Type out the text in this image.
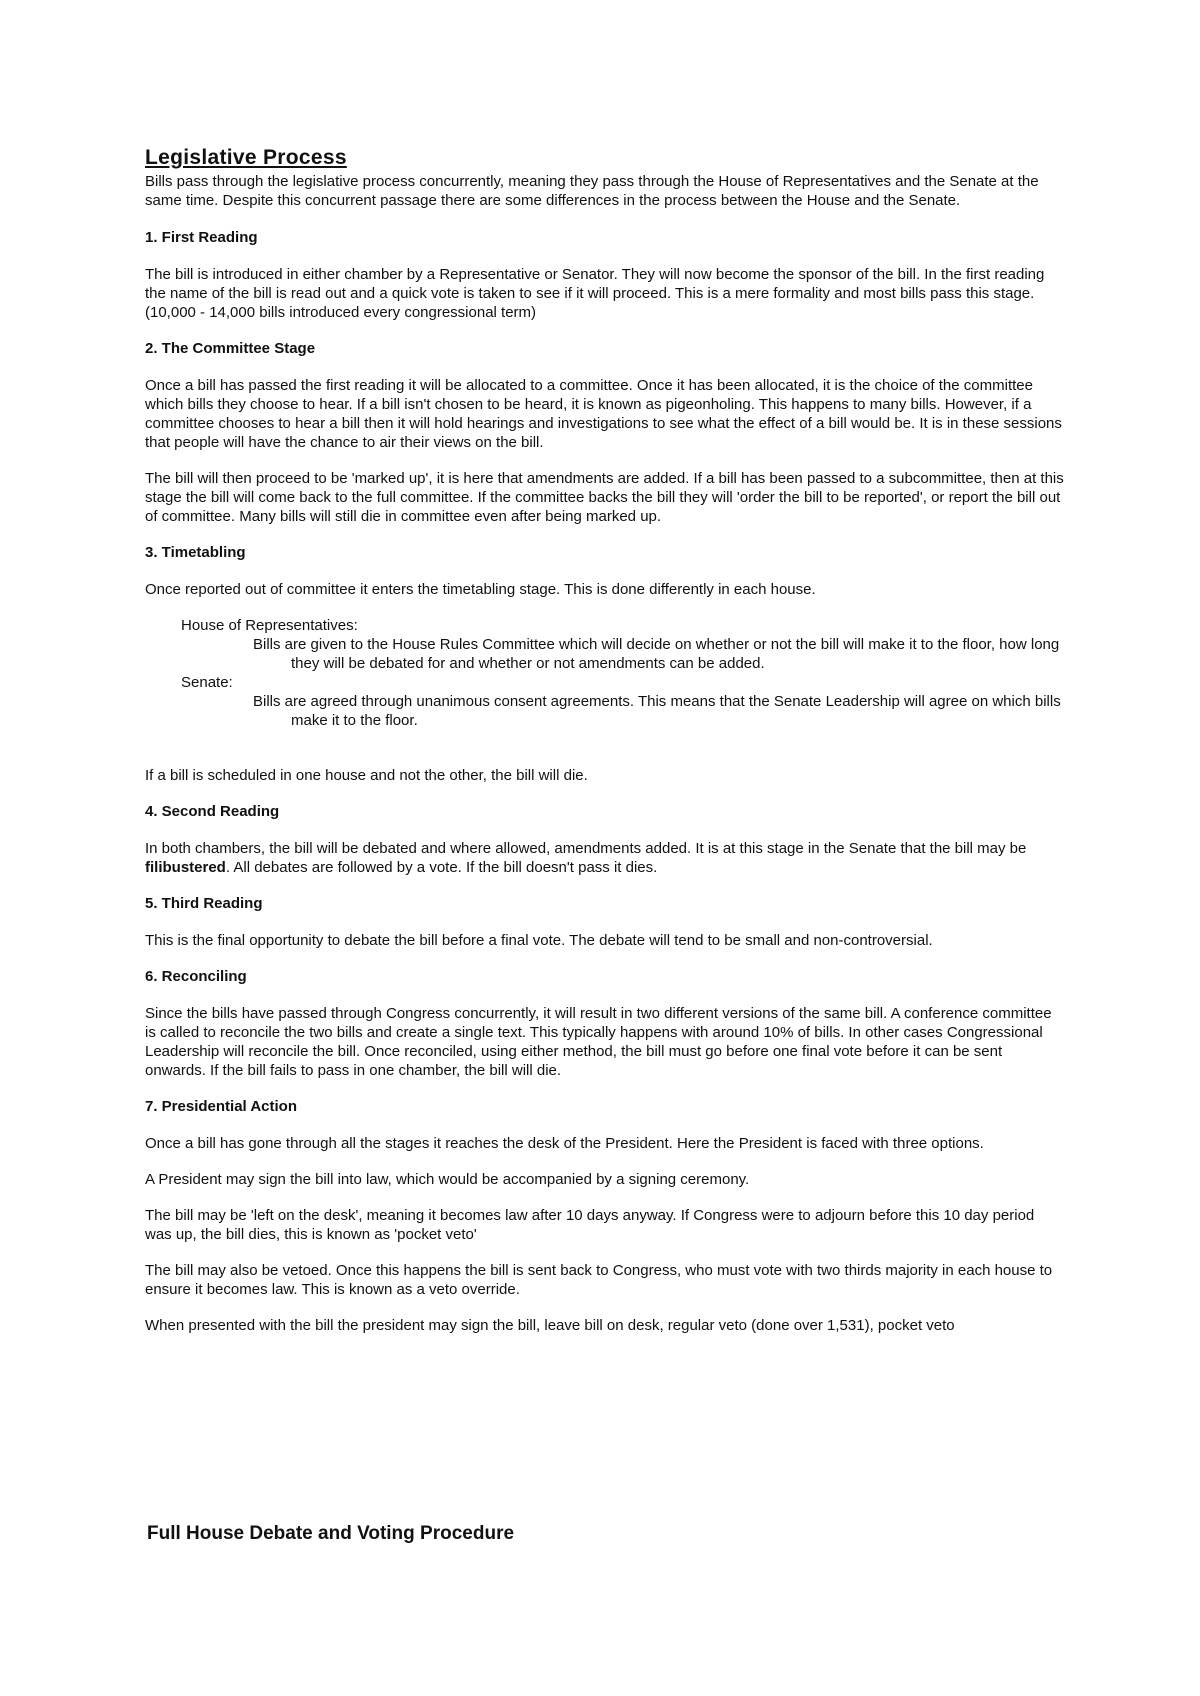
Legislative Process

Bills pass through the legislative process concurrently, meaning they pass through the House of Representatives and the Senate at the same time. Despite this concurrent passage there are some differences in the process between the House and the Senate.

1. First Reading

The bill is introduced in either chamber by a Representative or Senator. They will now become the sponsor of the bill. In the first reading the name of the bill is read out and a quick vote is taken to see if it will proceed. This is a mere formality and most bills pass this stage. (10,000 - 14,000 bills introduced every congressional term)

2. The Committee Stage

Once a bill has passed the first reading it will be allocated to a committee. Once it has been allocated, it is the choice of the committee which bills they choose to hear. If a bill isn't chosen to be heard, it is known as pigeonholing. This happens to many bills. However, if a committee chooses to hear a bill then it will hold hearings and investigations to see what the effect of a bill would be. It is in these sessions that people will have the chance to air their views on the bill.

The bill will then proceed to be 'marked up', it is here that amendments are added. If a bill has been passed to a subcommittee, then at this stage the bill will come back to the full committee. If the committee backs the bill they will 'order the bill to be reported', or report the bill out of committee. Many bills will still die in committee even after being marked up.

3. Timetabling

Once reported out of committee it enters the timetabling stage. This is done differently in each house.

House of Representatives:
Bills are given to the House Rules Committee which will decide on whether or not the bill will make it to the floor, how long they will be debated for and whether or not amendments can be added.
Senate:
Bills are agreed through unanimous consent agreements. This means that the Senate Leadership will agree on which bills make it to the floor.

If a bill is scheduled in one house and not the other, the bill will die.

4. Second Reading

In both chambers, the bill will be debated and where allowed, amendments added. It is at this stage in the Senate that the bill may be filibustered. All debates are followed by a vote. If the bill doesn't pass it dies.

5. Third Reading

This is the final opportunity to debate the bill before a final vote. The debate will tend to be small and non-controversial.

6. Reconciling

Since the bills have passed through Congress concurrently, it will result in two different versions of the same bill. A conference committee is called to reconcile the two bills and create a single text. This typically happens with around 10% of bills. In other cases Congressional Leadership will reconcile the bill. Once reconciled, using either method, the bill must go before one final vote before it can be sent onwards. If the bill fails to pass in one chamber, the bill will die.

7. Presidential Action

Once a bill has gone through all the stages it reaches the desk of the President. Here the President is faced with three options.

A President may sign the bill into law, which would be accompanied by a signing ceremony.

The bill may be 'left on the desk', meaning it becomes law after 10 days anyway. If Congress were to adjourn before this 10 day period was up, the bill dies, this is known as 'pocket veto'

The bill may also be vetoed. Once this happens the bill is sent back to Congress, who must vote with two thirds majority in each house to ensure it becomes law. This is known as a veto override.

When presented with the bill the president may sign the bill, leave bill on desk, regular veto (done over 1,531), pocket veto

Full House Debate and Voting Procedure
